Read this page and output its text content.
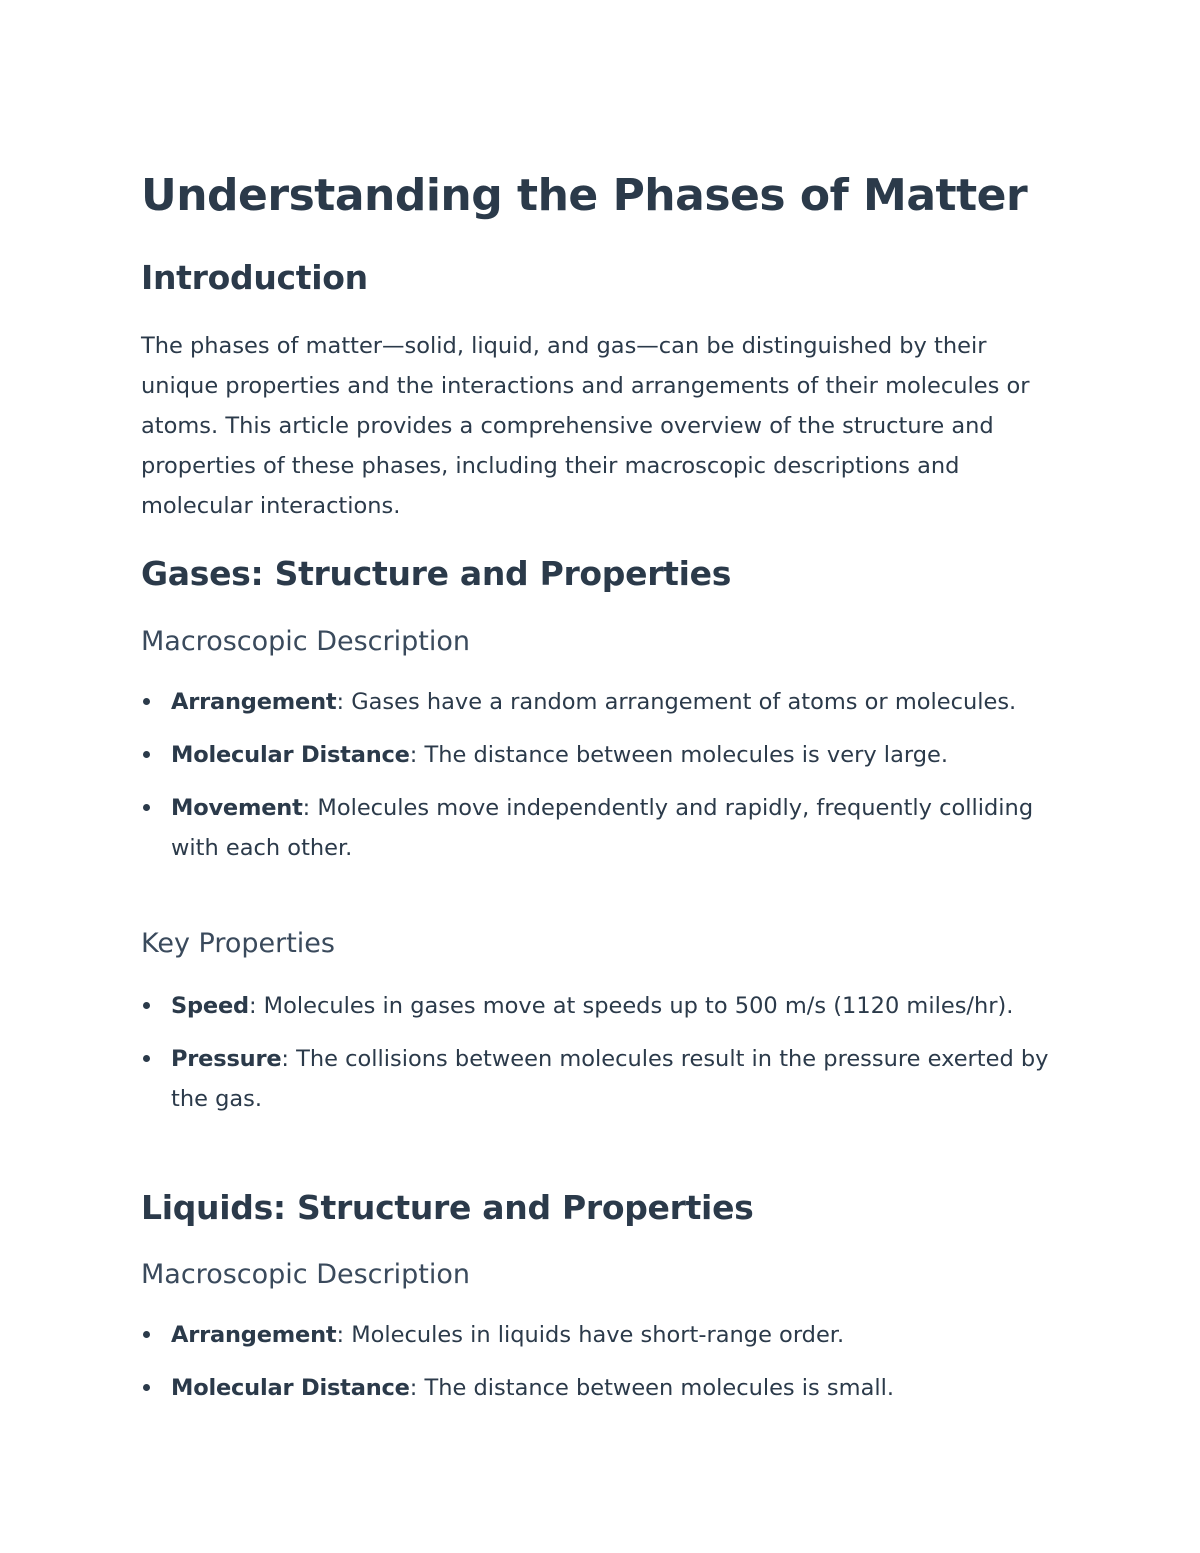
Understanding the Phases of Matter
Introduction

The phases of matter—solid, liquid, and gas—can be distinguished by their unique properties and the interactions and arrangements of their molecules or atoms. This article provides a comprehensive overview of the structure and properties of these phases, including their macroscopic descriptions and molecular interactions.

Gases: Structure and Properties
Macroscopic Description
Arrangement: Gases have a random arrangement of atoms or molecules.
Molecular Distance: The distance between molecules is very large.
Movement: Molecules move independently and rapidly, frequently colliding with each other.
Key Properties
Speed: Molecules in gases move at speeds up to 500 m/s (1120 miles/hr).
Pressure: The collisions between molecules result in the pressure exerted by the gas.
Liquids: Structure and Properties
Macroscopic Description
Arrangement: Molecules in liquids have short-range order.
Molecular Distance: The distance between molecules is small.
